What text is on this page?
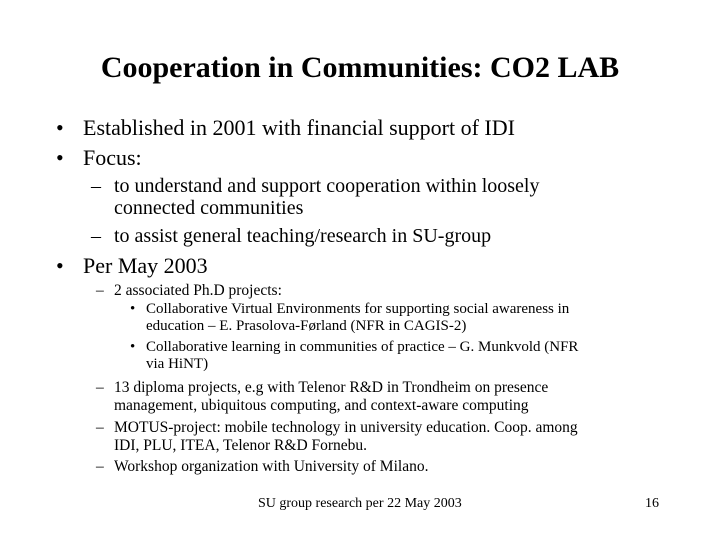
Cooperation in Communities: CO2 LAB
• Established in 2001 with financial support of IDI
• Focus:
– to understand and support cooperation within loosely
connected communities
– to assist general teaching/research in SU-group
• Per May 2003
– 2 associated Ph.D projects:
• Collaborative Virtual Environments for supporting social awareness in
education – E. Prasolova-Førland (NFR in CAGIS-2)
• Collaborative learning in communities of practice – G. Munkvold (NFR
via HiNT)
– 13 diploma projects, e.g with Telenor R&D in Trondheim on presence
management, ubiquitous computing, and context-aware computing
– MOTUS-project: mobile technology in university education. Coop. among
IDI, PLU, ITEA, Telenor R&D Fornebu.
– Workshop organization with University of Milano.
SU group research per 22 May 2003	16
